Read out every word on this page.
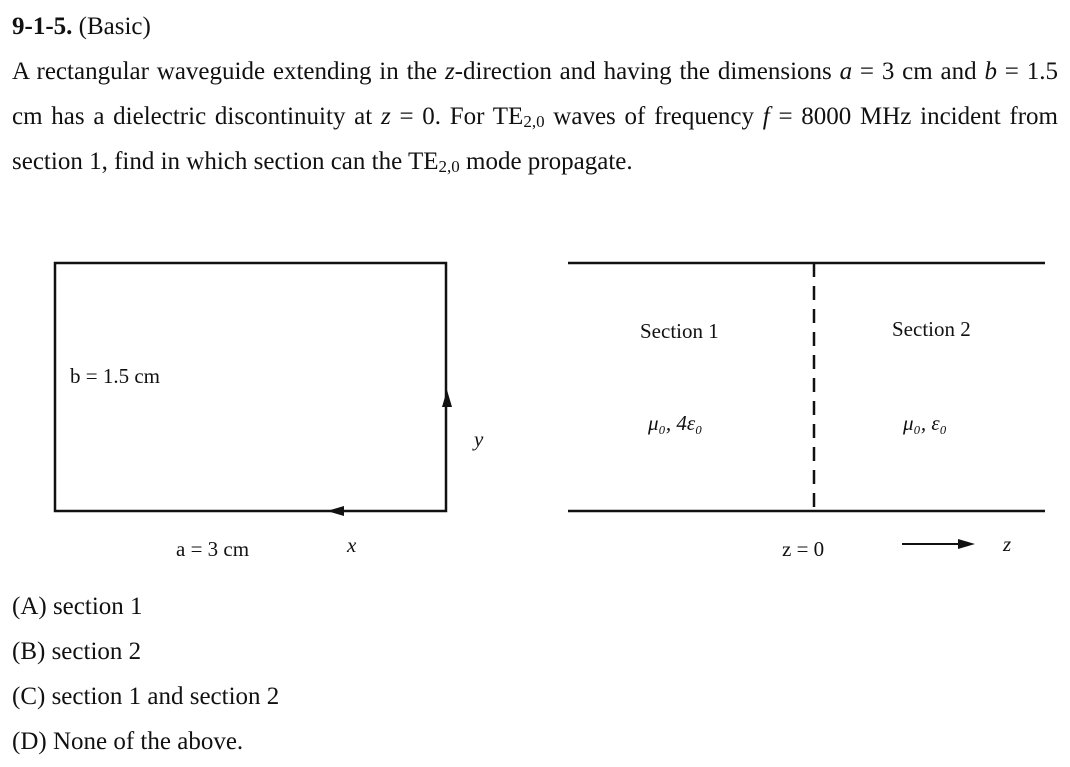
9-1-5. (Basic)
A rectangular waveguide extending in the z-direction and having the dimensions a = 3 cm and b = 1.5 cm has a dielectric discontinuity at z = 0. For $TE_{2,0}$ waves of frequency f = 8000 MHz incident from section 1, find in which section can the $TE_{2,0}$ mode propagate.
b = 1.5 cm
a = 3 cm
y
x
Section 1
μ₀, 4ε₀
Section 2
μ₀, ε₀
z = 0	z
(A) section 1
(B) section 2
(C) section 1 and section 2
(D) None of the above.
